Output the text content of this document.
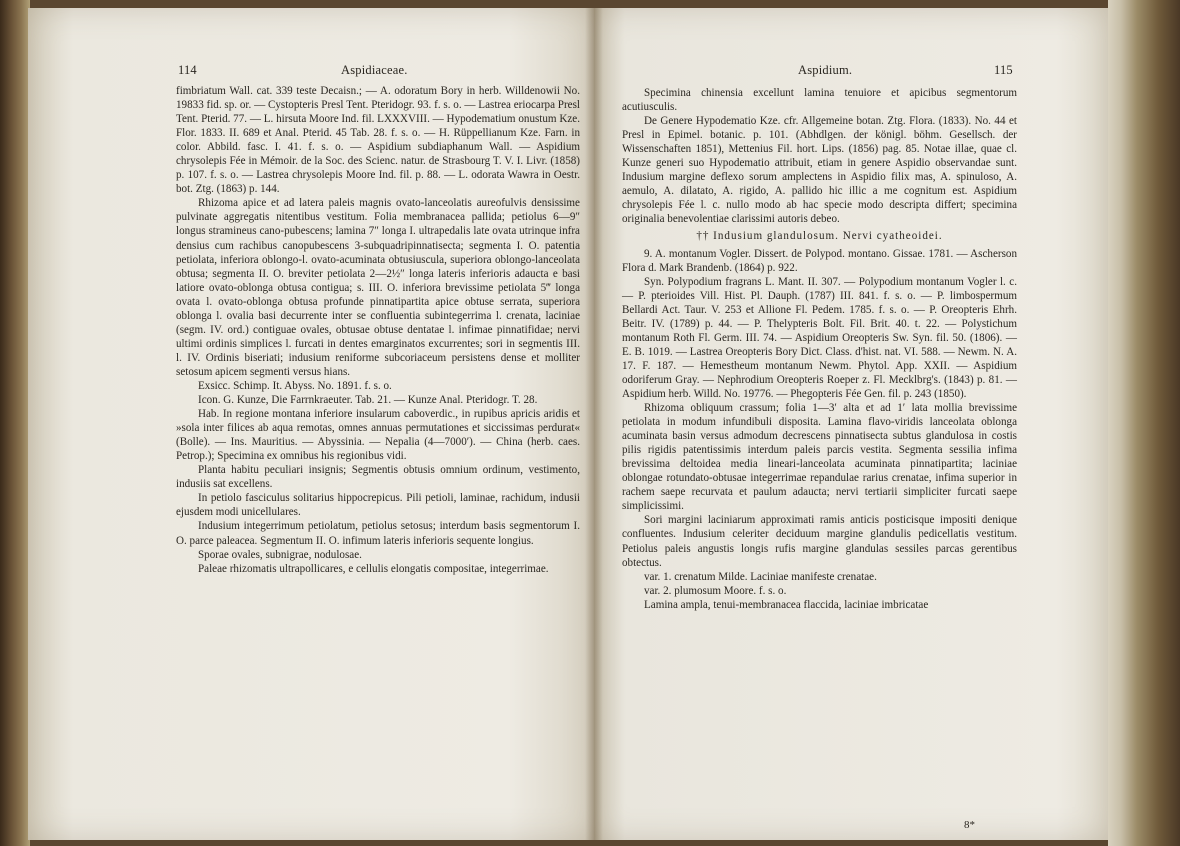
114	Aspidiaceae.

fimbriatum Wall. cat. 339 teste Decaisn.; — A. odoratum Bory in herb. Willdenowii No. 19833 fid. sp. or. — Cystopteris Presl Tent. Pteridogr. 93. f. s. o. — Lastrea eriocarpa Presl Tent. Pterid. 77. — L. hirsuta Moore Ind. fil. LXXXVIII. — Hypodematium onustum Kze. Flor. 1833. II. 689 et Anal. Pterid. 45 Tab. 28. f. s. o. — H. Rüppellianum Kze. Farn. in color. Abbild. fasc. I. 41. f. s. o. — Aspidium subdiaphanum Wall. — Aspidium chrysolepis Fée in Mémoir. de la Soc. des Scienc. natur. de Strasbourg T. V. I. Livr. (1858) p. 107. f. s. o. — Lastrea chrysolepis Moore Ind. fil. p. 88. — L. odorata Wawra in Oestr. bot. Ztg. (1863) p. 144.

Rhizoma apice et ad latera paleis magnis ovato-lanceolatis aureofulvis densissime pulvinate aggregatis nitentibus vestitum. Folia membranacea pallida; petiolus 6—9″ longus stramineus cano-pubescens; lamina 7″ longa I. ultrapedalis late ovata utrinque infra densius cum rachibus canopubescens 3-subquadripinnatisecta; segmenta I. O. patentia petiolata, inferiora oblongo-l. ovato-acuminata obtusiuscula, superiora oblongo-lanceolata obtusa; segmenta II. O. breviter petiolata 2—2½″ longa lateris inferioris adaucta e basi latiore ovato-oblonga obtusa contigua; s. III. O. inferiora brevissime petiolata 5‴ longa ovata l. ovato-oblonga obtusa profunde pinnatipartita apice obtuse serrata, superiora oblonga l. ovalia basi decurrente inter se confluentia subintegerrima l. crenata, laciniae (segm. IV. ord.) contiguae ovales, obtusae obtuse dentatae l. infimae pinnatifidae; nervi ultimi ordinis simplices l. furcati in dentes emarginatos excurrentes; sori in segmentis III. l. IV. Ordinis biseriati; indusium reniforme subcoriaceum persistens dense et molliter setosum apicem segmenti versus hians.

Exsicc. Schimp. It. Abyss. No. 1891. f. s. o.

Icon. G. Kunze, Die Farrnkraeuter. Tab. 21. — Kunze Anal. Pteridogr. T. 28.

Hab. In regione montana inferiore insularum caboverdic., in rupibus apricis aridis et »sola inter filices ab aqua remotas, omnes annuas permutationes et siccissimas perdurat« (Bolle). — Ins. Mauritius. — Abyssinia. — Nepalia (4—7000′). — China (herb. caes. Petrop.); Specimina ex omnibus his regionibus vidi.

Planta habitu peculiari insignis; Segmentis obtusis omnium ordinum, vestimento, indusiis sat excellens.

In petiolo fasciculus solitarius hippocrepicus. Pili petioli, laminae, rachidum, indusii ejusdem modi unicellulares.

Indusium integerrimum petiolatum, petiolus setosus; interdum basis segmentorum I. O. parce paleacea. Segmentum II. O. infimum lateris inferioris sequente longius.

Sporae ovales, subnigrae, nodulosae.

Paleae rhizomatis ultrapollicares, e cellulis elongatis compositae, integerrimae.

Aspidium.	115

Specimina chinensia excellunt lamina tenuiore et apicibus segmentorum acutiusculis.

De Genere Hypodematio Kze. cfr. Allgemeine botan. Ztg. Flora. (1833). No. 44 et Presl in Epimel. botanic. p. 101. (Abhdlgen. der königl. böhm. Gesellsch. der Wissenschaften 1851), Mettenius Fil. hort. Lips. (1856) pag. 85. Notae illae, quae cl. Kunze generi suo Hypodematio attribuit, etiam in genere Aspidio observandae sunt. Indusium margine deflexo sorum amplectens in Aspidio filix mas, A. spinuloso, A. aemulo, A. dilatato, A. rigido, A. pallido hic illic a me cognitum est. Aspidium chrysolepis Fée l. c. nullo modo ab hac specie modo descripta differt; specimina originalia benevolentiae clarissimi autoris debeo.

†† Indusium glandulosum. Nervi cyatheoidei.

9. A. montanum Vogler. Dissert. de Polypod. montano. Gissae. 1781. — Ascherson Flora d. Mark Brandenb. (1864) p. 922.

Syn. Polypodium fragrans L. Mant. II. 307. — Polypodium montanum Vogler l. c. — P. pterioides Vill. Hist. Pl. Dauph. (1787) III. 841. f. s. o. — P. limbospermum Bellardi Act. Taur. V. 253 et Allione Fl. Pedem. 1785. f. s. o. — P. Oreopteris Ehrh. Beitr. IV. (1789) p. 44. — P. Thelypteris Bolt. Fil. Brit. 40. t. 22. — Polystichum montanum Roth Fl. Germ. III. 74. — Aspidium Oreopteris Sw. Syn. fil. 50. (1806). — E. B. 1019. — Lastrea Oreopteris Bory Dict. Class. d'hist. nat. VI. 588. — Newm. N. A. 17. F. 187. — Hemestheum montanum Newm. Phytol. App. XXII. — Aspidium odoriferum Gray. — Nephrodium Oreopteris Roeper z. Fl. Mecklbrg's. (1843) p. 81. — Aspidium herb. Willd. No. 19776. — Phegopteris Fée Gen. fil. p. 243 (1850).

Rhizoma obliquum crassum; folia 1—3′ alta et ad 1′ lata mollia brevissime petiolata in modum infundibuli disposita. Lamina flavo-viridis lanceolata oblonga acuminata basin versus admodum decrescens pinnatisecta subtus glandulosa in costis pilis rigidis patentissimis interdum paleis parcis vestita. Segmenta sessilia infima brevissima deltoidea media lineari-lanceolata acuminata pinnatipartita; laciniae oblongae rotundato-obtusae integerrimae repandulae rarius crenatae, infima superior in rachem saepe recurvata et paulum adaucta; nervi tertiarii simpliciter furcati saepe simplicissimi.

Sori margini laciniarum approximati ramis anticis posticisque impositi denique confluentes. Indusium celeriter deciduum margine glandulis pedicellatis vestitum. Petiolus paleis angustis longis rufis margine glandulas sessiles parcas gerentibus obtectus.

var. 1. crenatum Milde. Laciniae manifeste crenatae.

var. 2. plumosum Moore. f. s. o.

Lamina ampla, tenui-membranacea flaccida, laciniae imbricatae

8*
